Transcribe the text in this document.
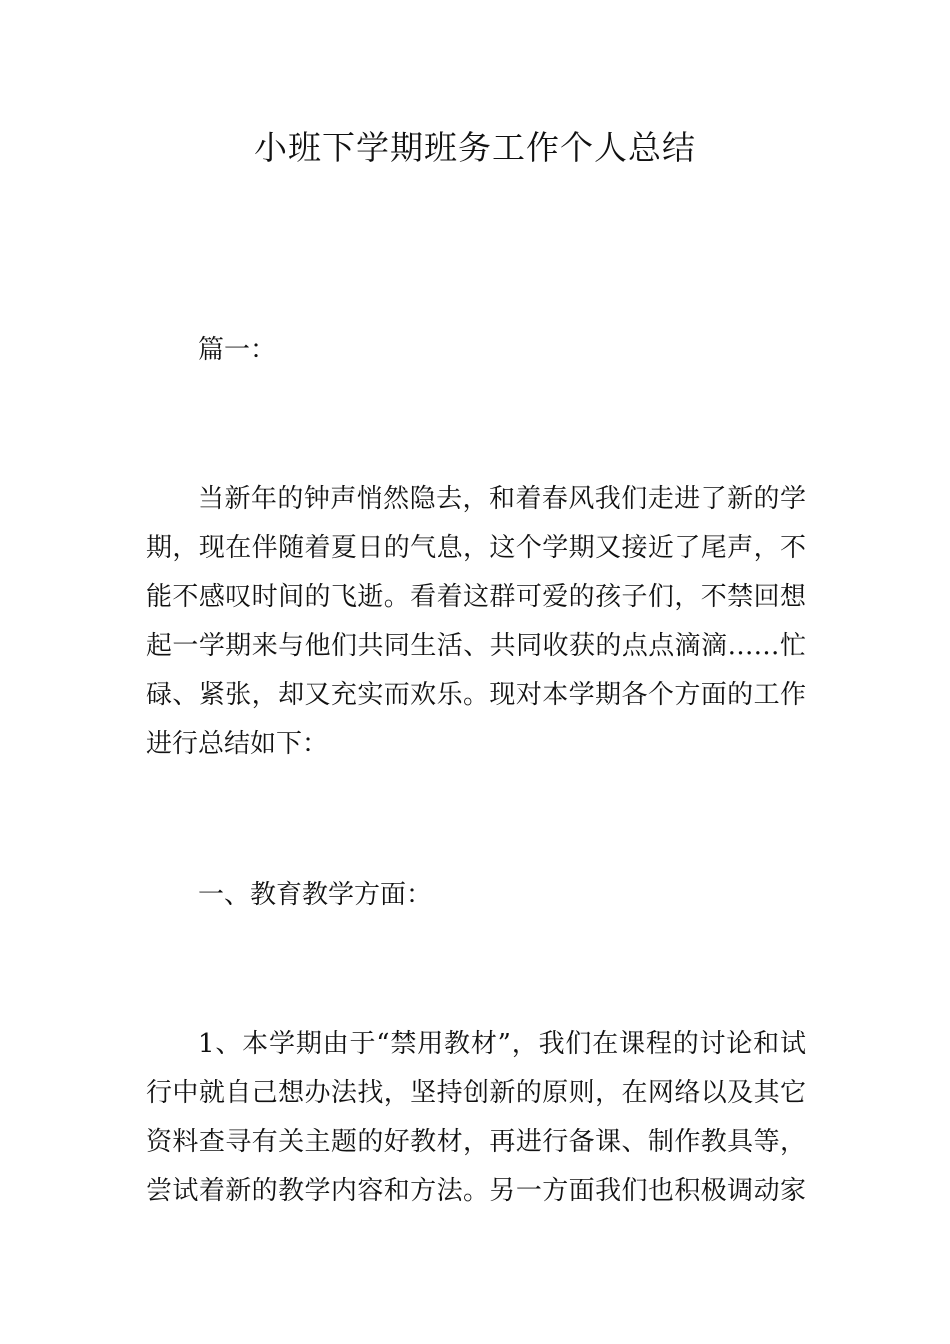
小班下学期班务工作个人总结

篇一：

当新年的钟声悄然隐去，和着春风我们走进了新的学

期，现在伴随着夏日的气息，这个学期又接近了尾声，不

能不感叹时间的飞逝。看着这群可爱的孩子们，不禁回想

起一学期来与他们共同生活、共同收获的点点滴滴……忙

碌、紧张，却又充实而欢乐。现对本学期各个方面的工作

进行总结如下：

一、教育教学方面：

1、本学期由于“禁用教材”，我们在课程的讨论和试

行中就自己想办法找，坚持创新的原则，在网络以及其它

资料查寻有关主题的好教材，再进行备课、制作教具等，

尝试着新的教学内容和方法。另一方面我们也积极调动家
